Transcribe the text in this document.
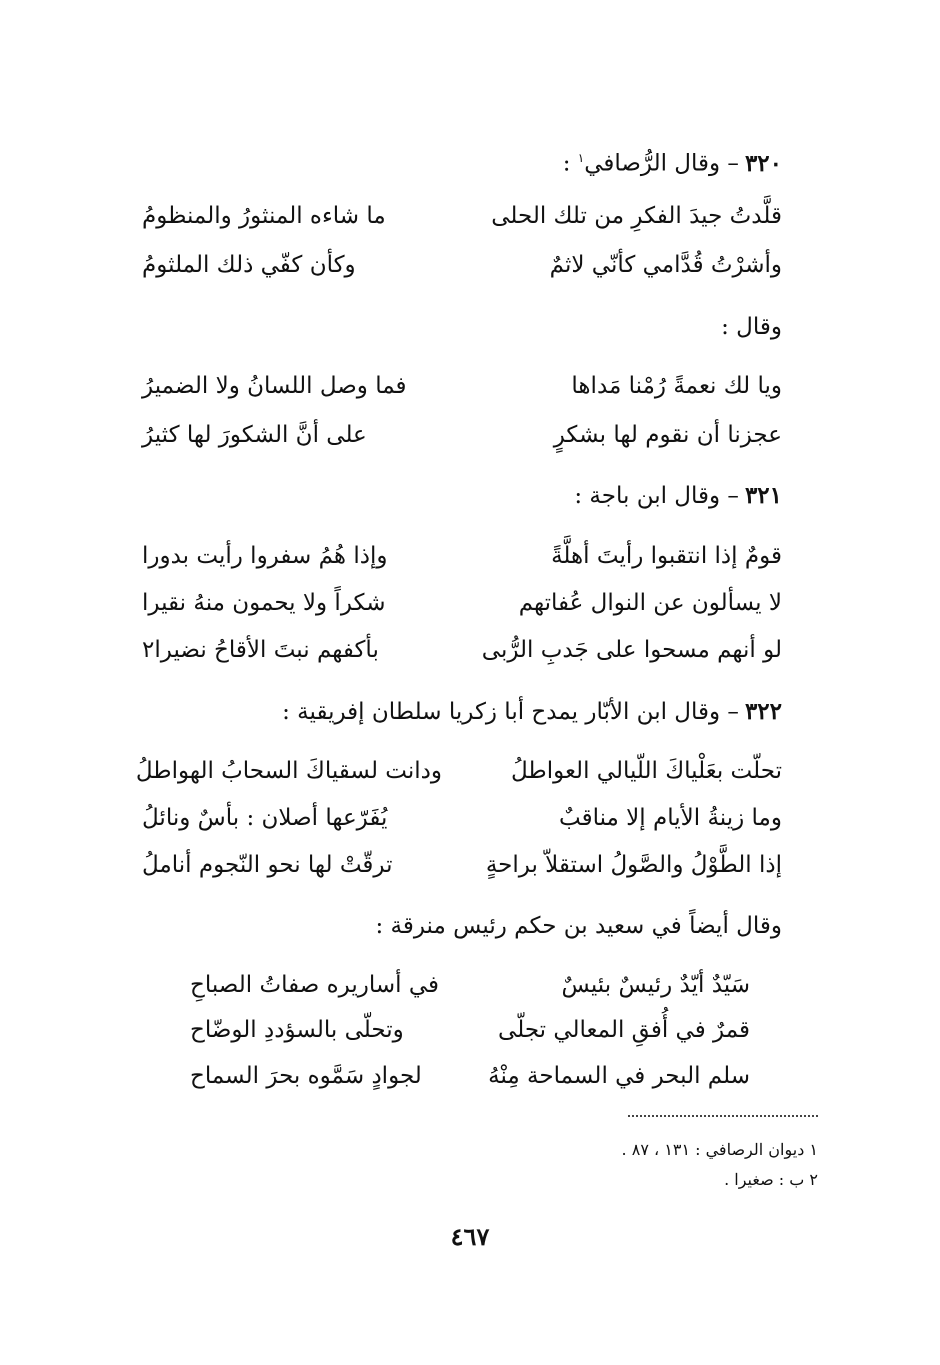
٣٢٠– وقال الرُّصافي$^١$ :
قلَّدتُ جيدَ الفكرِ من تلك الحلى
ما شاءه المنثورُ والمنظومُ
وأشرْتُ قُدَّامي كأنّي لاثمٌ
وكأن كفّي ذلك الملثومُ
وقال :
ويا لك نعمةً رُمْنا مَداها
فما وصل اللسانُ ولا الضميرُ
عجزنا أن نقوم لها بشكرٍ
على أنَّ الشكورَ لها كثيرُ
٣٢١– وقال ابن باجة :
قومٌ إذا انتقبوا رأيتَ أهلَّةً
وإذا هُمُ سفروا رأيت بدورا
لا يسألون عن النوال عُفاتهم
شكراً ولا يحمون منهُ نقيرا
لو أنهم مسحوا على جَدبِ الرُّبى
بأكفهم نبتَ الأقاحُ نضيرا٢
٣٢٢– وقال ابن الأبّار يمدح أبا زكريا سلطان إفريقية :
تحلّت بعَلْياكَ اللّيالي العواطلُ
ودانت لسقياكَ السحابُ الهواطلُ
وما زينةُ الأيام إلا مناقبٌ
يُفَرّعها أصلان : بأسٌ ونائلُ
إذا الطَّوْلُ والصَّولُ استقلاّ براحةٍ
ترقّتْ لها نحو النّجوم أناملُ
وقال أيضاً في سعيد بن حكم رئيس منرقة :
سَيّدٌ أيّدٌ رئيسٌ بئيسٌ
في أساريره صفاتُ الصباحِ
قمرٌ في أُفقِ المعالي تجلّى
وتحلّى بالسؤددِ الوضّاح
سلم البحر في السماحة مِنْهُ
لجوادٍ سَمَّوه بحرَ السماح
١ ديوان الرصافي : ١٣١ ، ٨٧ .
٢ ب : صغيرا .
٤٦٧
